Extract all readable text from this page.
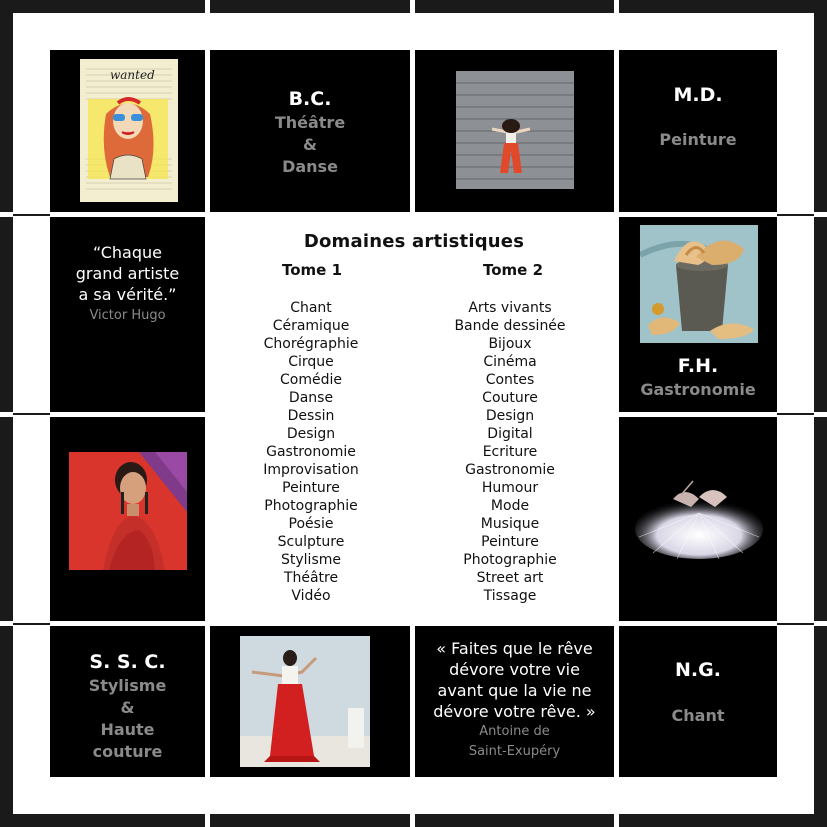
wanted
B.C.
Théâtre
&
Danse
M.D.
Peinture
“Chaque
grand artiste
a sa vérité.”
Victor Hugo
F.H.
Gastronomie
Domaines artistiques
Tome 1
Chant
Céramique
Chorégraphie
Cirque
Comédie
Danse
Dessin
Design
Gastronomie
Improvisation
Peinture
Photographie
Poésie
Sculpture
Stylisme
Théâtre
Vidéo
Tome 2
Arts vivants
Bande dessinée
Bijoux
Cinéma
Contes
Couture
Design
Digital
Ecriture
Gastronomie
Humour
Mode
Musique
Peinture
Photographie
Street art
Tissage
S. S. C.
Stylisme
&
Haute
couture
« Faites que le rêve
dévore votre vie
avant que la vie ne
dévore votre rêve. »
Antoine de
Saint-Exupéry
N.G.
Chant
